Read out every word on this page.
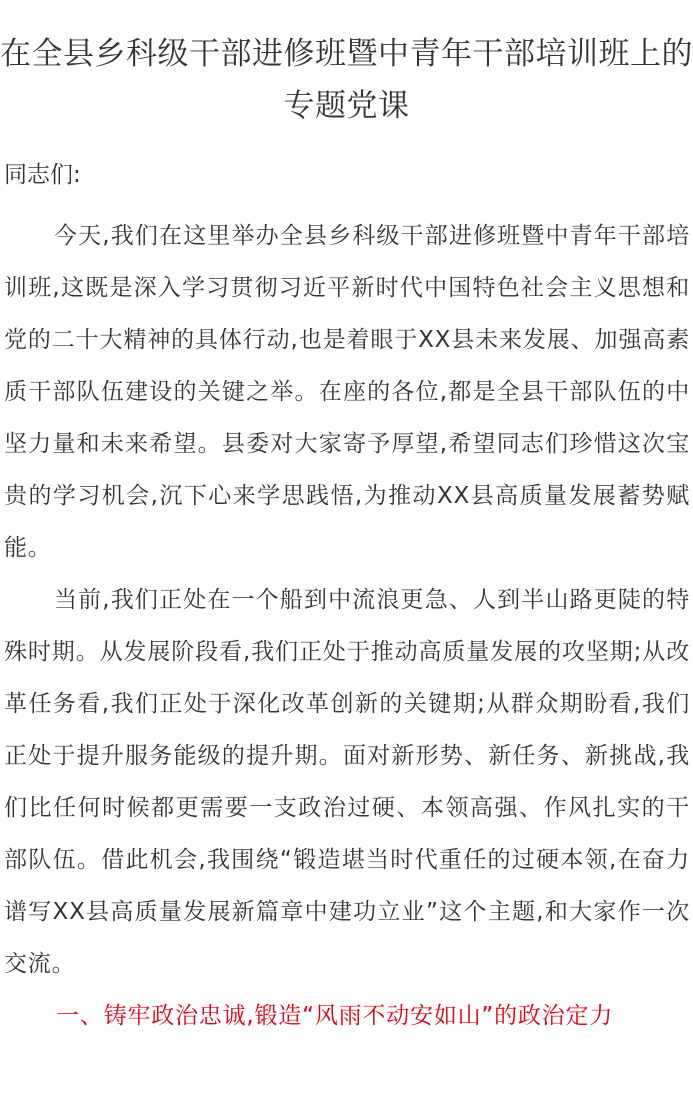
在全县乡科级干部进修班暨中青年干部培训班上的专题党课
同志们:

今天,我们在这里举办全县乡科级干部进修班暨中青年干部培训班,这既是深入学习贯彻习近平新时代中国特色社会主义思想和党的二十大精神的具体行动,也是着眼于XX县未来发展、加强高素质干部队伍建设的关键之举。在座的各位,都是全县干部队伍的中坚力量和未来希望。县委对大家寄予厚望,希望同志们珍惜这次宝贵的学习机会,沉下心来学思践悟,为推动XX县高质量发展蓄势赋能。

当前,我们正处在一个船到中流浪更急、人到半山路更陡的特殊时期。从发展阶段看,我们正处于推动高质量发展的攻坚期;从改革任务看,我们正处于深化改革创新的关键期;从群众期盼看,我们正处于提升服务能级的提升期。面对新形势、新任务、新挑战,我们比任何时候都更需要一支政治过硬、本领高强、作风扎实的干部队伍。借此机会,我围绕“锻造堪当时代重任的过硬本领,在奋力谱写XX县高质量发展新篇章中建功立业”这个主题,和大家作一次交流。

一、铸牢政治忠诚,锻造“风雨不动安如山”的政治定力
